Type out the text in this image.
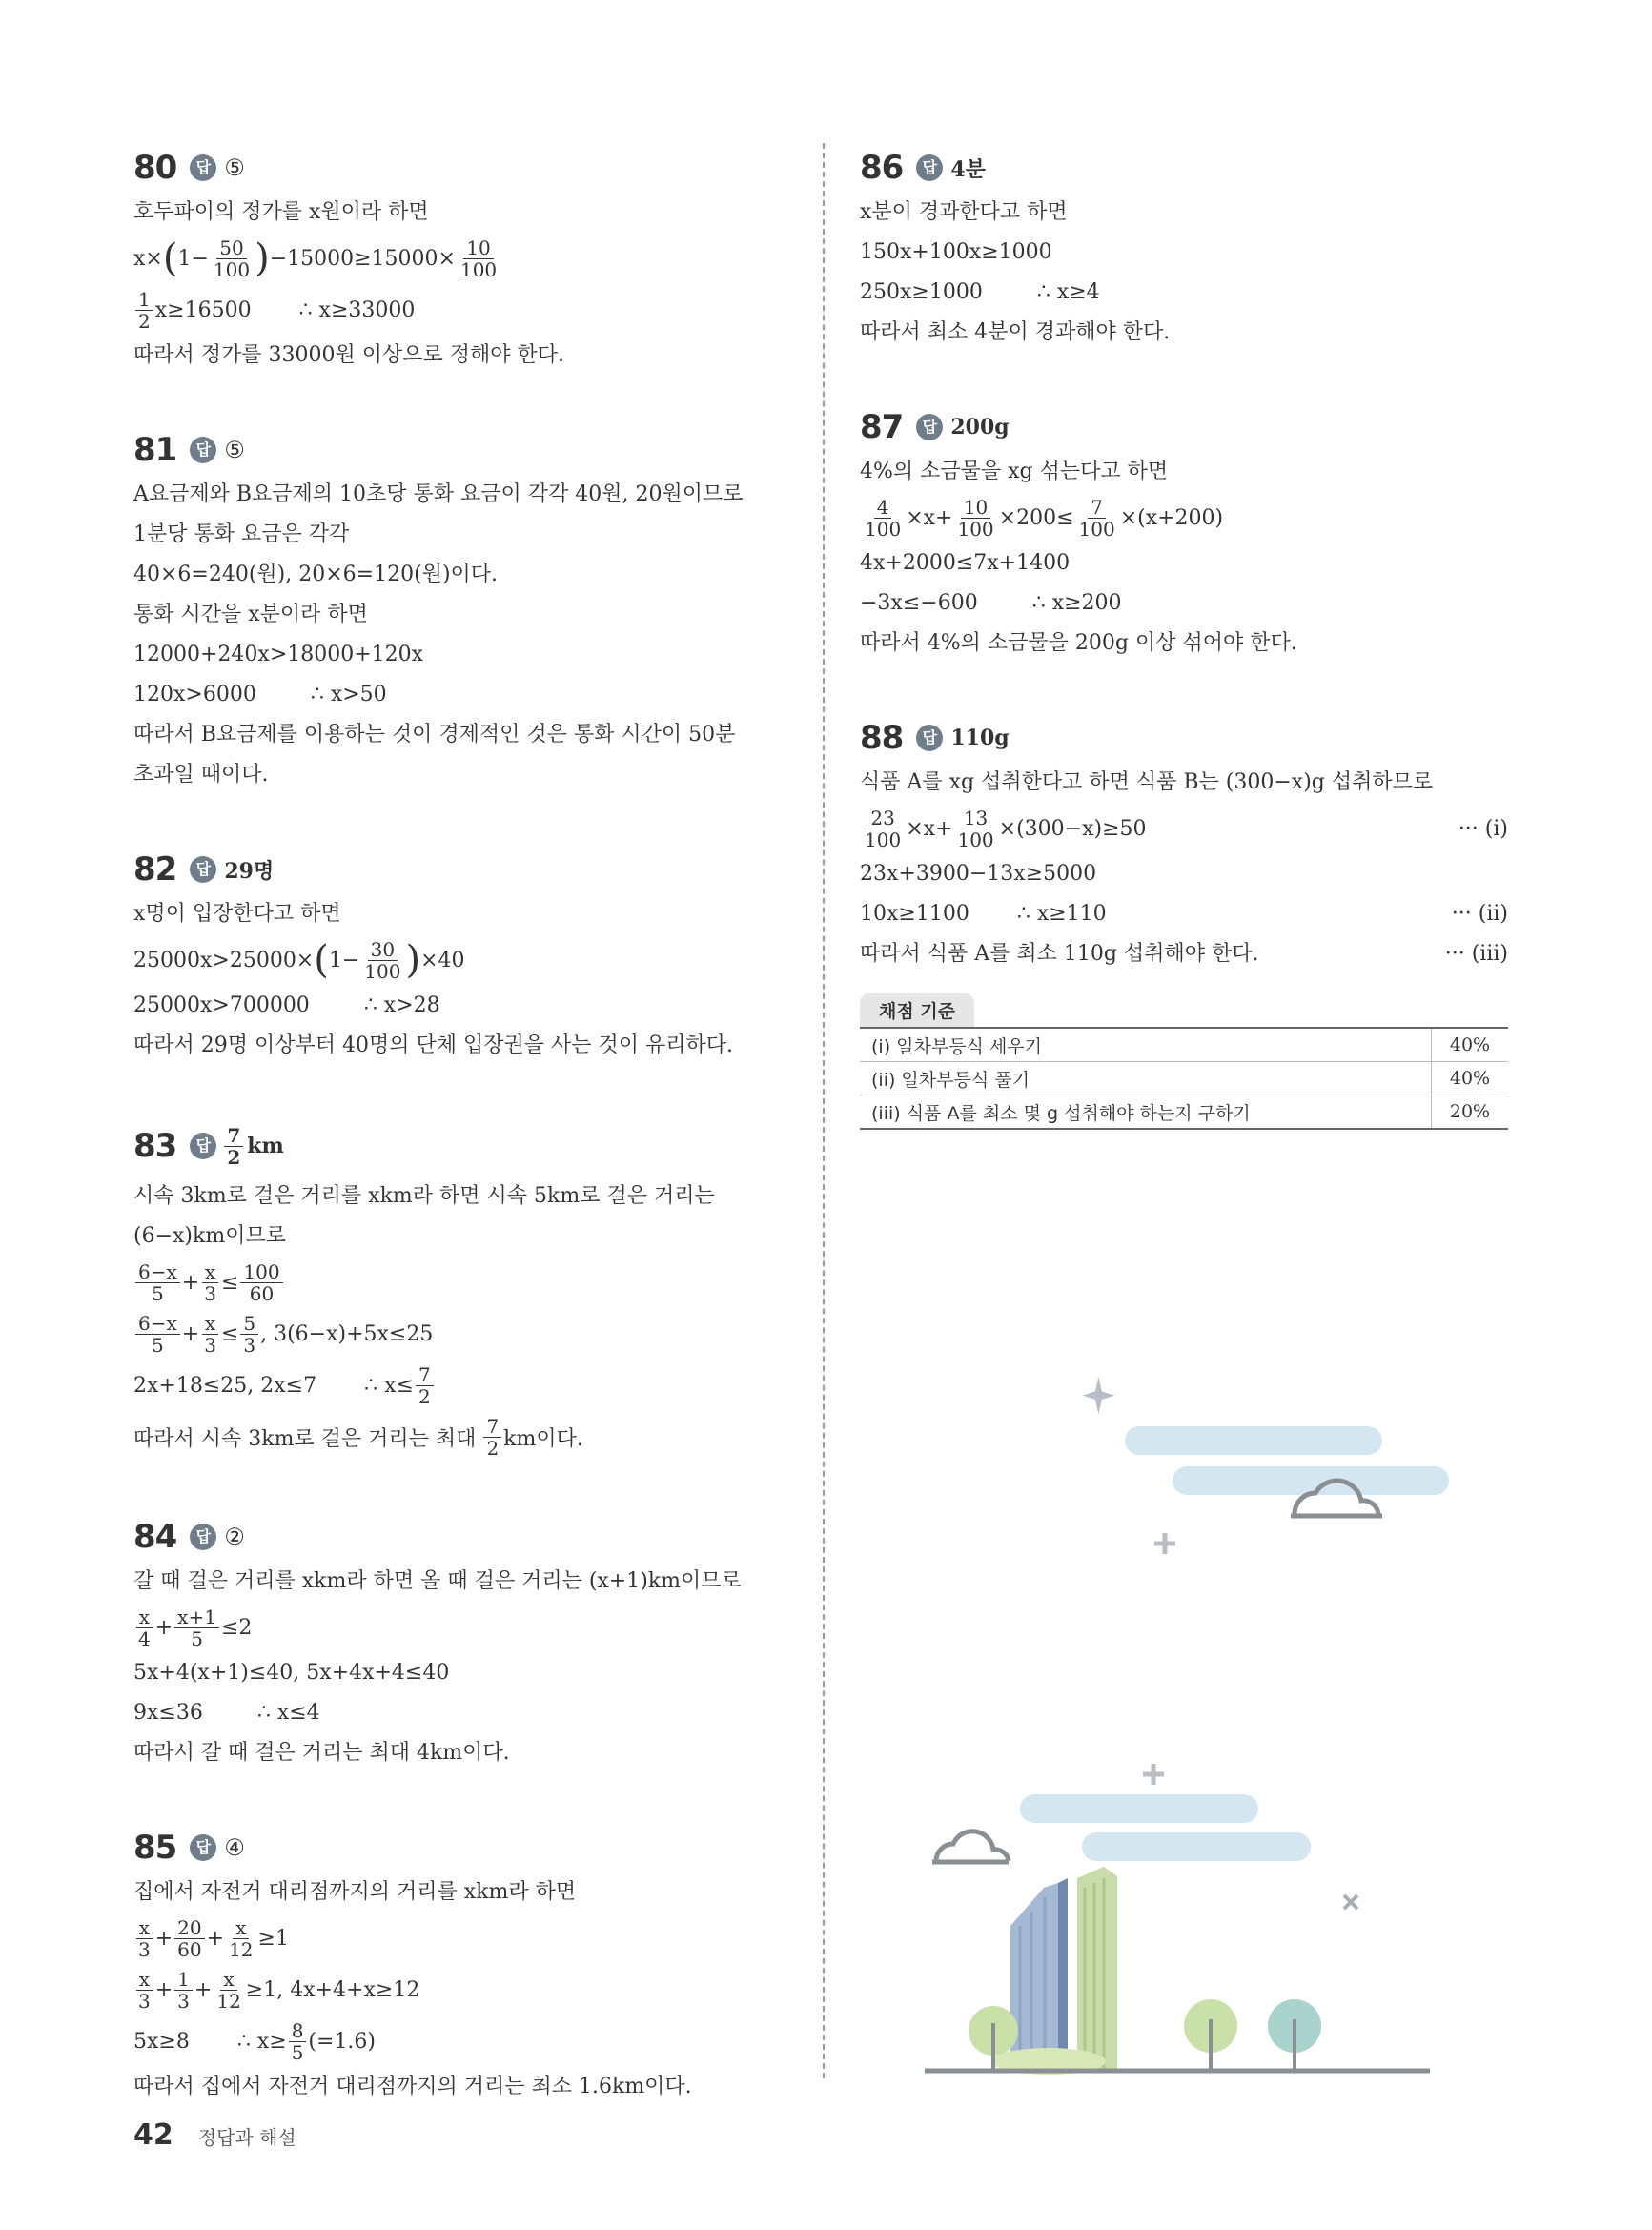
80	답 ⑤
호두파이의 정가를 x원이라 하면
x× ( $1- \frac{50}{100}$ ) $-15000\ge 15000\times \frac{10}{100}$
$\frac{1}{2} x\ge 16500$ ∴ x≥33000
따라서 정가를 33000원 이상으로 정해야 한다.
81	답 ⑤
A요금제와 B요금제의 10초당 통화 요금이 각각 40원, 20원이므로
1분당 통화 요금은 각각
40×6=240(원), 20×6=120(원)이다.
통화 시간을 x분이라 하면
12000+240x>18000+120x
120x>6000	∴ x>50
따라서 B요금제를 이용하는 것이 경제적인 것은 통화 시간이 50분
초과일 때이다.
82	답 29명
x명이 입장한다고 하면
25000x>25000× ( $1- \frac{30}{100}$ ) ×40
25000x>700000	∴ x>28
따라서 29명 이상부터 40명의 단체 입장권을 사는 것이 유리하다.
83	답 $\frac{7}{2}$ km
시속 3km로 걸은 거리를 xkm라 하면 시속 5km로 걸은 거리는
(6−x)km이므로
$\frac{6-x}{5} + \frac{x}{3} \le \frac{100}{60}$
$\frac{6-x}{5} + \frac{x}{3} \le \frac{5}{3}$ , 3(6−x)+5x≤25
2x+18≤25, 2x≤7 ∴ $x\le \frac{7}{2}$
따라서 시속 3km로 걸은 거리는 최대 $\frac{7}{2}$ km이다.
84	답 ②
갈 때 걸은 거리를 xkm라 하면 올 때 걸은 거리는 (x+1)km이므로
$\frac{x}{4} + \frac{x+1}{5} \le 2$
5x+4(x+1)≤40, 5x+4x+4≤40
9x≤36	∴ x≤4
따라서 갈 때 걸은 거리는 최대 4km이다.
85	답 ④
집에서 자전거 대리점까지의 거리를 xkm라 하면
$\frac{x}{3} + \frac{20}{60} + \frac{x}{12} \ge 1$
$\frac{x}{3} + \frac{1}{3} + \frac{x}{12} \ge 1$, 4x+4+x≥12
5x≥8 ∴ $x\ge \frac{8}{5} (=1.6)$
따라서 집에서 자전거 대리점까지의 거리는 최소 1.6km이다.
86	답 4분
x분이 경과한다고 하면
150x+100x≥1000
250x≥1000	∴ x≥4
따라서 최소 4분이 경과해야 한다.
87	답 200g
4%의 소금물을 xg 섞는다고 하면
$\frac{4}{100} \times x+ \frac{10}{100} \times 200\le \frac{7}{100} \times(x+200)$
4x+2000≤7x+1400
−3x≤−600	∴ x≥200
따라서 4%의 소금물을 200g 이상 섞어야 한다.
88	답 110g
식품 A를 xg 섭취한다고 하면 식품 B는 (300−x)g 섭취하므로
$\frac{23}{100} \times x+ \frac{13}{100} \times(300-x)\ge 50$	··· (i)
23x+3900−13x≥5000
10x≥1100 ∴ x≥110	··· (ii)
따라서 식품 A를 최소 110g 섭취해야 한다.	··· (iii)
채점 기준
(i) 일차부등식 세우기	40%
(ii) 일차부등식 풀기	40%
(iii) 식품 A를 최소 몇 g 섭취해야 하는지 구하기	20%
42 정답과 해설
